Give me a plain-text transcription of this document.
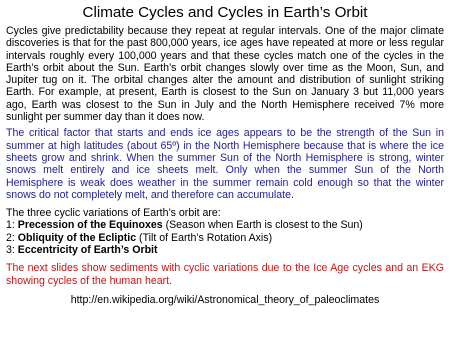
Climate Cycles and Cycles in Earth’s Orbit

Cycles give predictability because they repeat at regular intervals. One of the major climate discoveries is that for the past 800,000 years, ice ages have repeated at more or less regular intervals roughly every 100,000 years and that these cycles match one of the cycles in the Earth’s orbit about the Sun. Earth’s orbit changes slowly over time as the Moon, Sun, and Jupiter tug on it. The orbital changes alter the amount and distribution of sunlight striking Earth. For example, at present, Earth is closest to the Sun on January 3 but 11,000 years ago, Earth was closest to the Sun in July and the North Hemisphere received 7% more sunlight per summer day than it does now.

The critical factor that starts and ends ice ages appears to be the strength of the Sun in summer at high latitudes (about 65º) in the North Hemisphere because that is where the ice sheets grow and shrink. When the summer Sun of the North Hemisphere is strong, winter snows melt entirely and ice sheets melt. Only when the summer Sun of the North Hemisphere is weak does weather in the summer remain cold enough so that the winter snows do not completely melt, and therefore can accumulate.

The three cyclic variations of Earth’s orbit are:
1: Precession of the Equinoxes (Season when Earth is closest to the Sun)
2: Obliquity of the Ecliptic (Tilt of Earth’s Rotation Axis)
3: Eccentricity of Earth’s Orbit

The next slides show sediments with cyclic variations due to the Ice Age cycles and an EKG showing cycles of the human heart.

http://en.wikipedia.org/wiki/Astronomical_theory_of_paleoclimates
